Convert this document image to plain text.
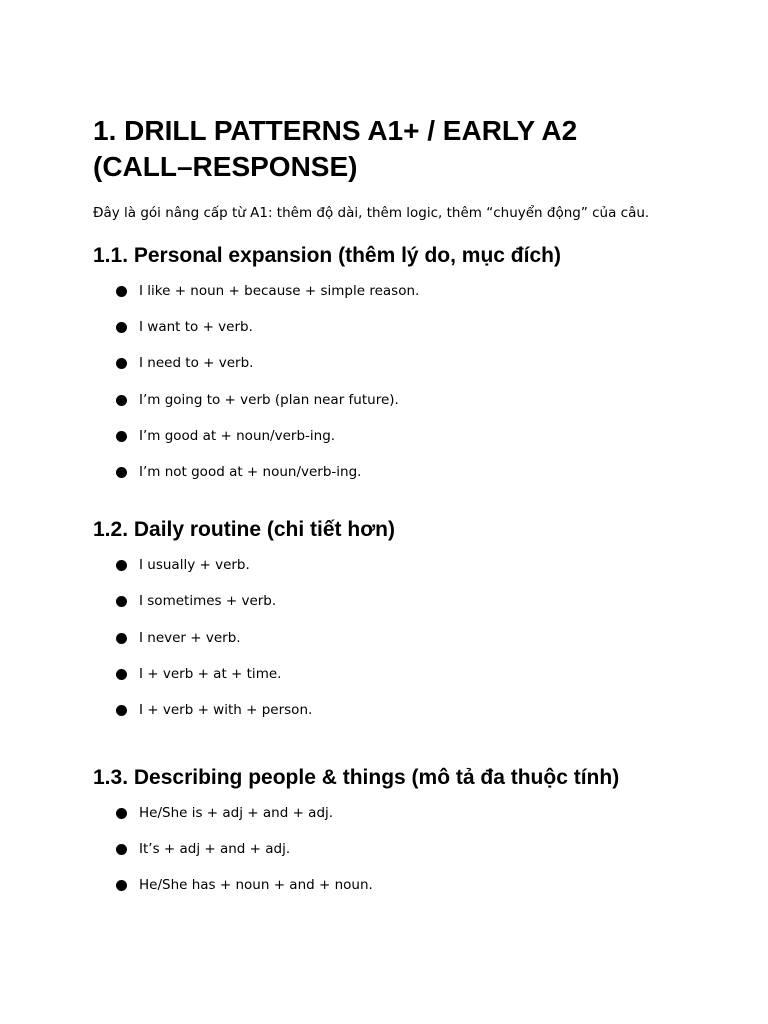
1. DRILL PATTERNS A1+ / EARLY A2 (CALL–RESPONSE)

Đây là gói nâng cấp từ A1: thêm độ dài, thêm logic, thêm “chuyển động” của câu.

1.1. Personal expansion (thêm lý do, mục đích)
I like + noun + because + simple reason.
I want to + verb.
I need to + verb.
I’m going to + verb (plan near future).
I’m good at + noun/verb-ing.
I’m not good at + noun/verb-ing.
1.2. Daily routine (chi tiết hơn)
I usually + verb.
I sometimes + verb.
I never + verb.
I + verb + at + time.
I + verb + with + person.
1.3. Describing people & things (mô tả đa thuộc tính)
He/She is + adj + and + adj.
It’s + adj + and + adj.
He/She has + noun + and + noun.
